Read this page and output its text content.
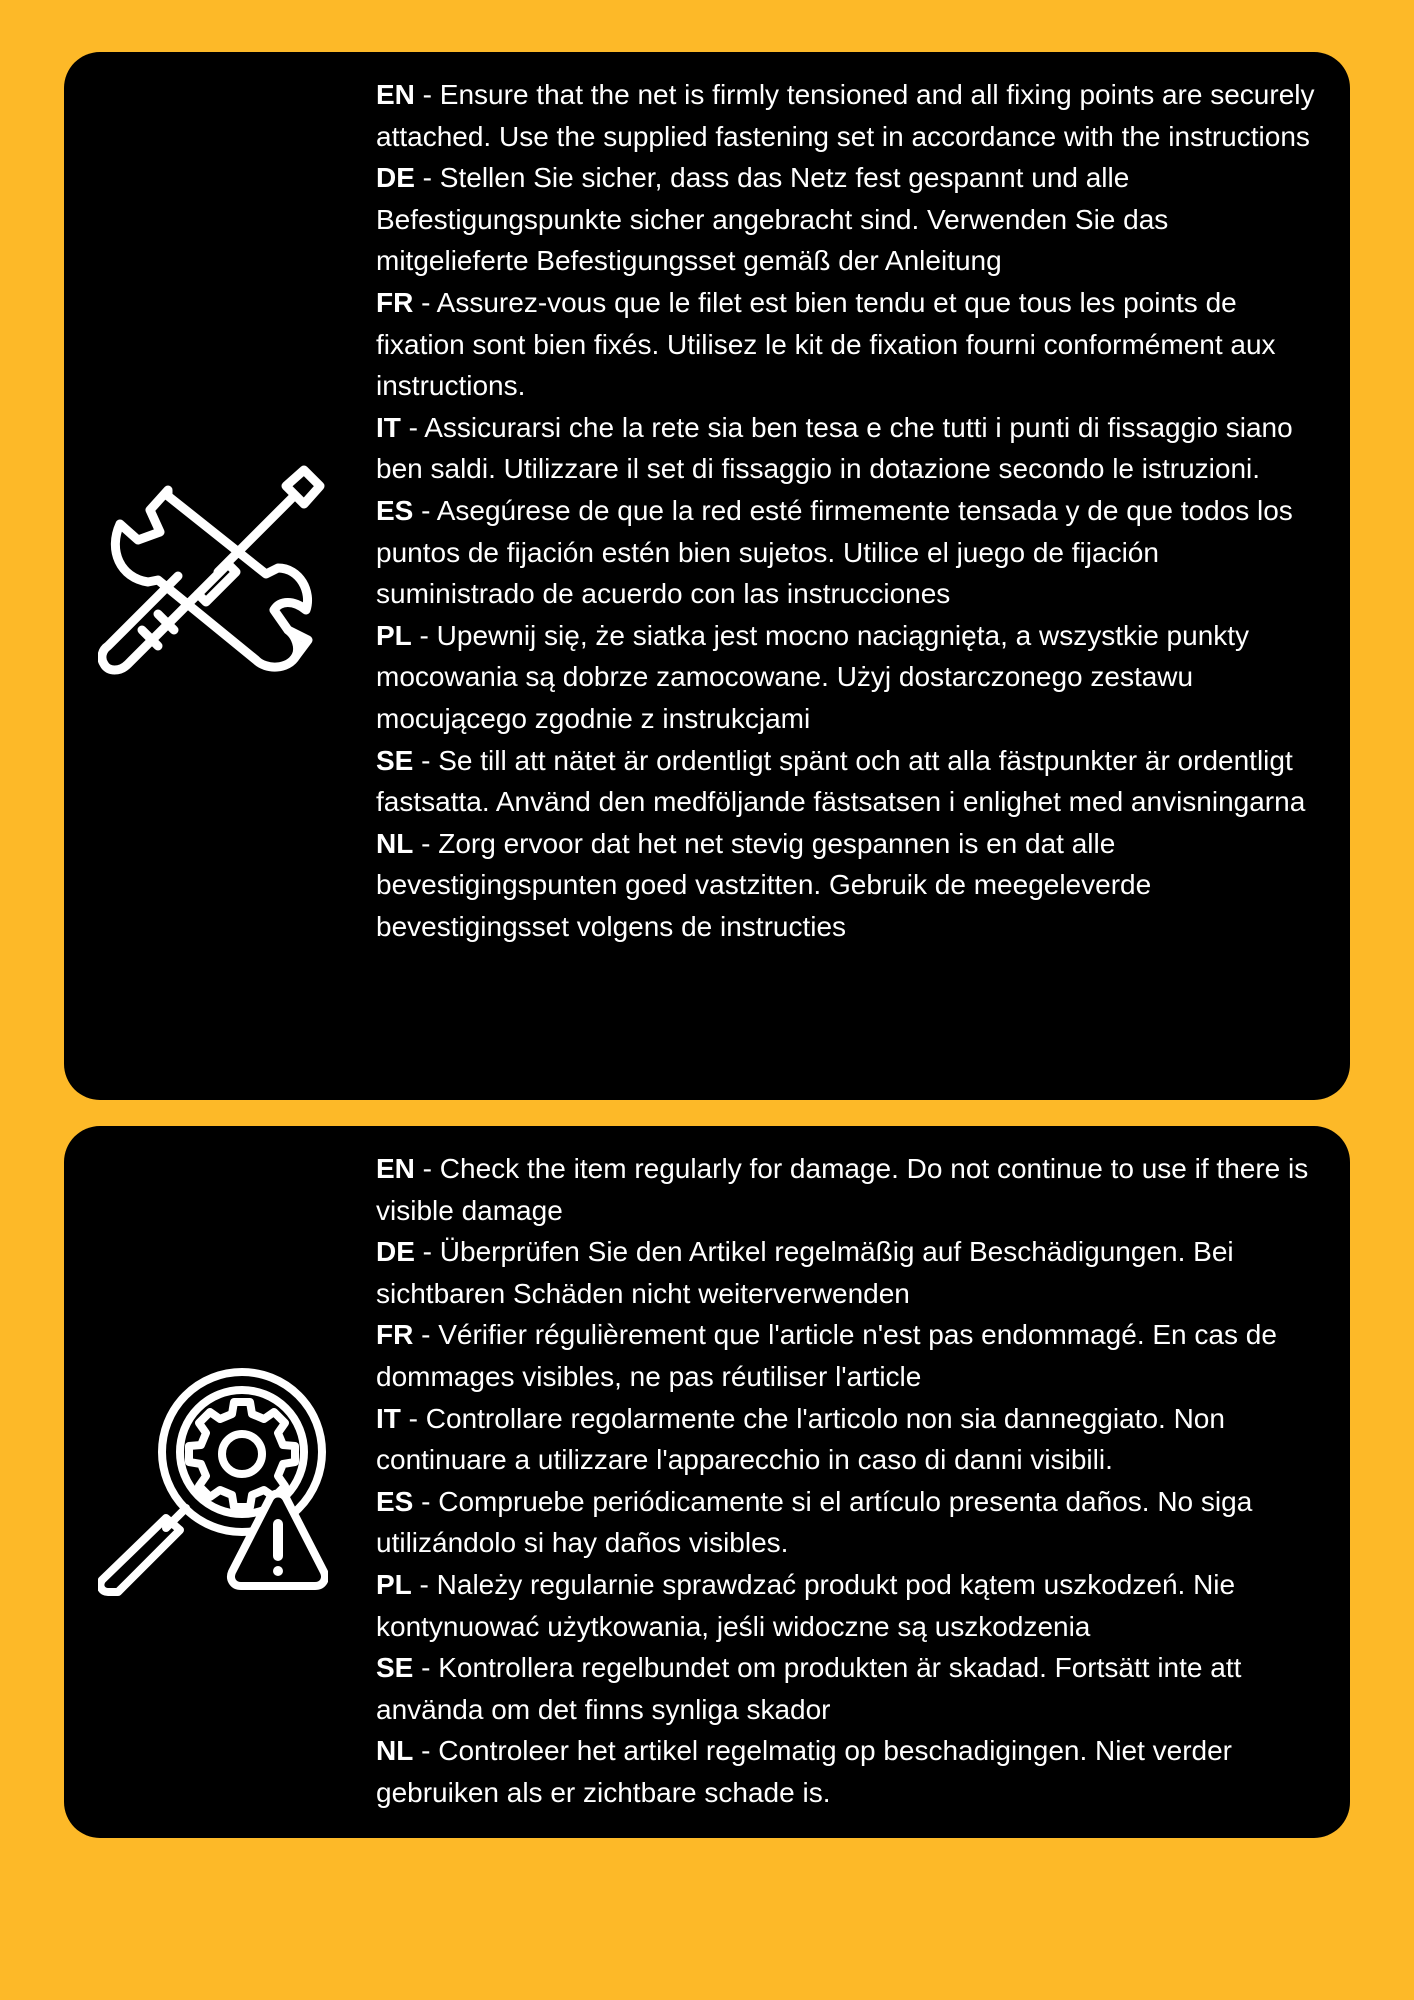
EN - Ensure that the net is firmly tensioned and all fixing points are securely attached. Use the supplied fastening set in accordance with the instructions

DE - Stellen Sie sicher, dass das Netz fest gespannt und alle Befestigungspunkte sicher angebracht sind. Verwenden Sie das mitgelieferte Befestigungsset gemäß der Anleitung

FR - Assurez-vous que le filet est bien tendu et que tous les points de fixation sont bien fixés. Utilisez le kit de fixation fourni conformément aux instructions.

IT - Assicurarsi che la rete sia ben tesa e che tutti i punti di fissaggio siano ben saldi. Utilizzare il set di fissaggio in dotazione secondo le istruzioni.

ES - Asegúrese de que la red esté firmemente tensada y de que todos los puntos de fijación estén bien sujetos. Utilice el juego de fijación suministrado de acuerdo con las instrucciones

PL - Upewnij się, że siatka jest mocno naciągnięta, a wszystkie punkty mocowania są dobrze zamocowane. Użyj dostarczonego zestawu mocującego zgodnie z instrukcjami

SE - Se till att nätet är ordentligt spänt och att alla fästpunkter är ordentligt fastsatta. Använd den medföljande fästsatsen i enlighet med anvisningarna

NL - Zorg ervoor dat het net stevig gespannen is en dat alle bevestigingspunten goed vastzitten. Gebruik de meegeleverde bevestigingsset volgens de instructies

EN - Check the item regularly for damage. Do not continue to use if there is visible damage

DE - Überprüfen Sie den Artikel regelmäßig auf Beschädigungen. Bei sichtbaren Schäden nicht weiterverwenden

FR - Vérifier régulièrement que l'article n'est pas endommagé. En cas de dommages visibles, ne pas réutiliser l'article

IT - Controllare regolarmente che l'articolo non sia danneggiato. Non continuare a utilizzare l'apparecchio in caso di danni visibili.

ES - Compruebe periódicamente si el artículo presenta daños. No siga utilizándolo si hay daños visibles.

PL - Należy regularnie sprawdzać produkt pod kątem uszkodzeń. Nie kontynuować użytkowania, jeśli widoczne są uszkodzenia

SE - Kontrollera regelbundet om produkten är skadad. Fortsätt inte att använda om det finns synliga skador

NL - Controleer het artikel regelmatig op beschadigingen. Niet verder gebruiken als er zichtbare schade is.
